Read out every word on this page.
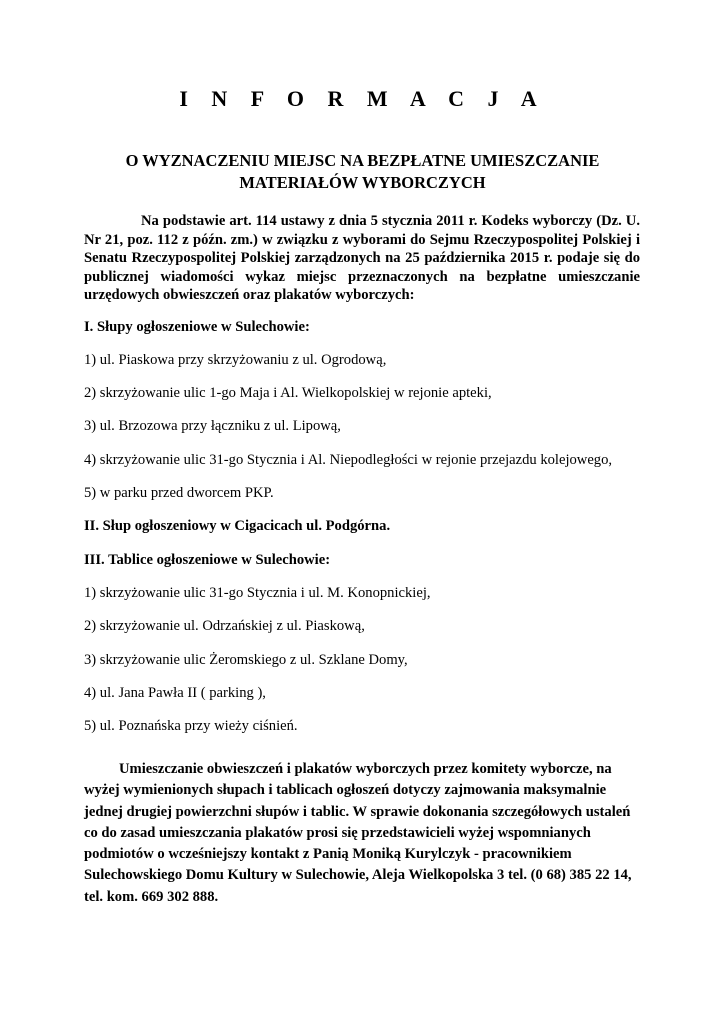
I N F O R M A C J A
O WYZNACZENIU MIEJSC NA BEZPŁATNE UMIESZCZANIE
MATERIAŁÓW WYBORCZYCH

Na podstawie art. 114 ustawy z dnia 5 stycznia 2011 r. Kodeks wyborczy (Dz. U. Nr 21, poz. 112 z późn. zm.) w związku z wyborami do Sejmu Rzeczypospolitej Polskiej i Senatu Rzeczypospolitej Polskiej zarządzonych na 25 października 2015 r. podaje się do publicznej wiadomości wykaz miejsc przeznaczonych na bezpłatne umieszczanie urzędowych obwieszczeń oraz plakatów wyborczych:

I. Słupy ogłoszeniowe w Sulechowie:

1) ul. Piaskowa przy skrzyżowaniu z ul. Ogrodową,

2) skrzyżowanie ulic 1-go Maja i Al. Wielkopolskiej w rejonie apteki,

3) ul. Brzozowa przy łączniku z ul. Lipową,

4) skrzyżowanie ulic 31-go Stycznia i Al. Niepodległości w rejonie przejazdu kolejowego,

5) w parku przed dworcem PKP.

II. Słup ogłoszeniowy w Cigacicach ul. Podgórna.

III. Tablice ogłoszeniowe w Sulechowie:

1) skrzyżowanie ulic 31-go Stycznia i ul. M. Konopnickiej,

2) skrzyżowanie ul. Odrzańskiej z ul. Piaskową,

3) skrzyżowanie ulic Żeromskiego z ul. Szklane Domy,

4) ul. Jana Pawła II ( parking ),

5) ul. Poznańska przy wieży ciśnień.

Umieszczanie obwieszczeń i plakatów wyborczych przez komitety wyborcze, na
wyżej wymienionych słupach i tablicach ogłoszeń dotyczy zajmowania maksymalnie
jednej drugiej powierzchni słupów i tablic. W sprawie dokonania szczegółowych ustaleń
co do zasad umieszczania plakatów prosi się przedstawicieli wyżej wspomnianych
podmiotów o wcześniejszy kontakt z Panią Moniką Kurylczyk - pracownikiem
Sulechowskiego Domu Kultury w Sulechowie, Aleja Wielkopolska 3 tel. (0 68) 385 22 14,
tel. kom. 669 302 888.
